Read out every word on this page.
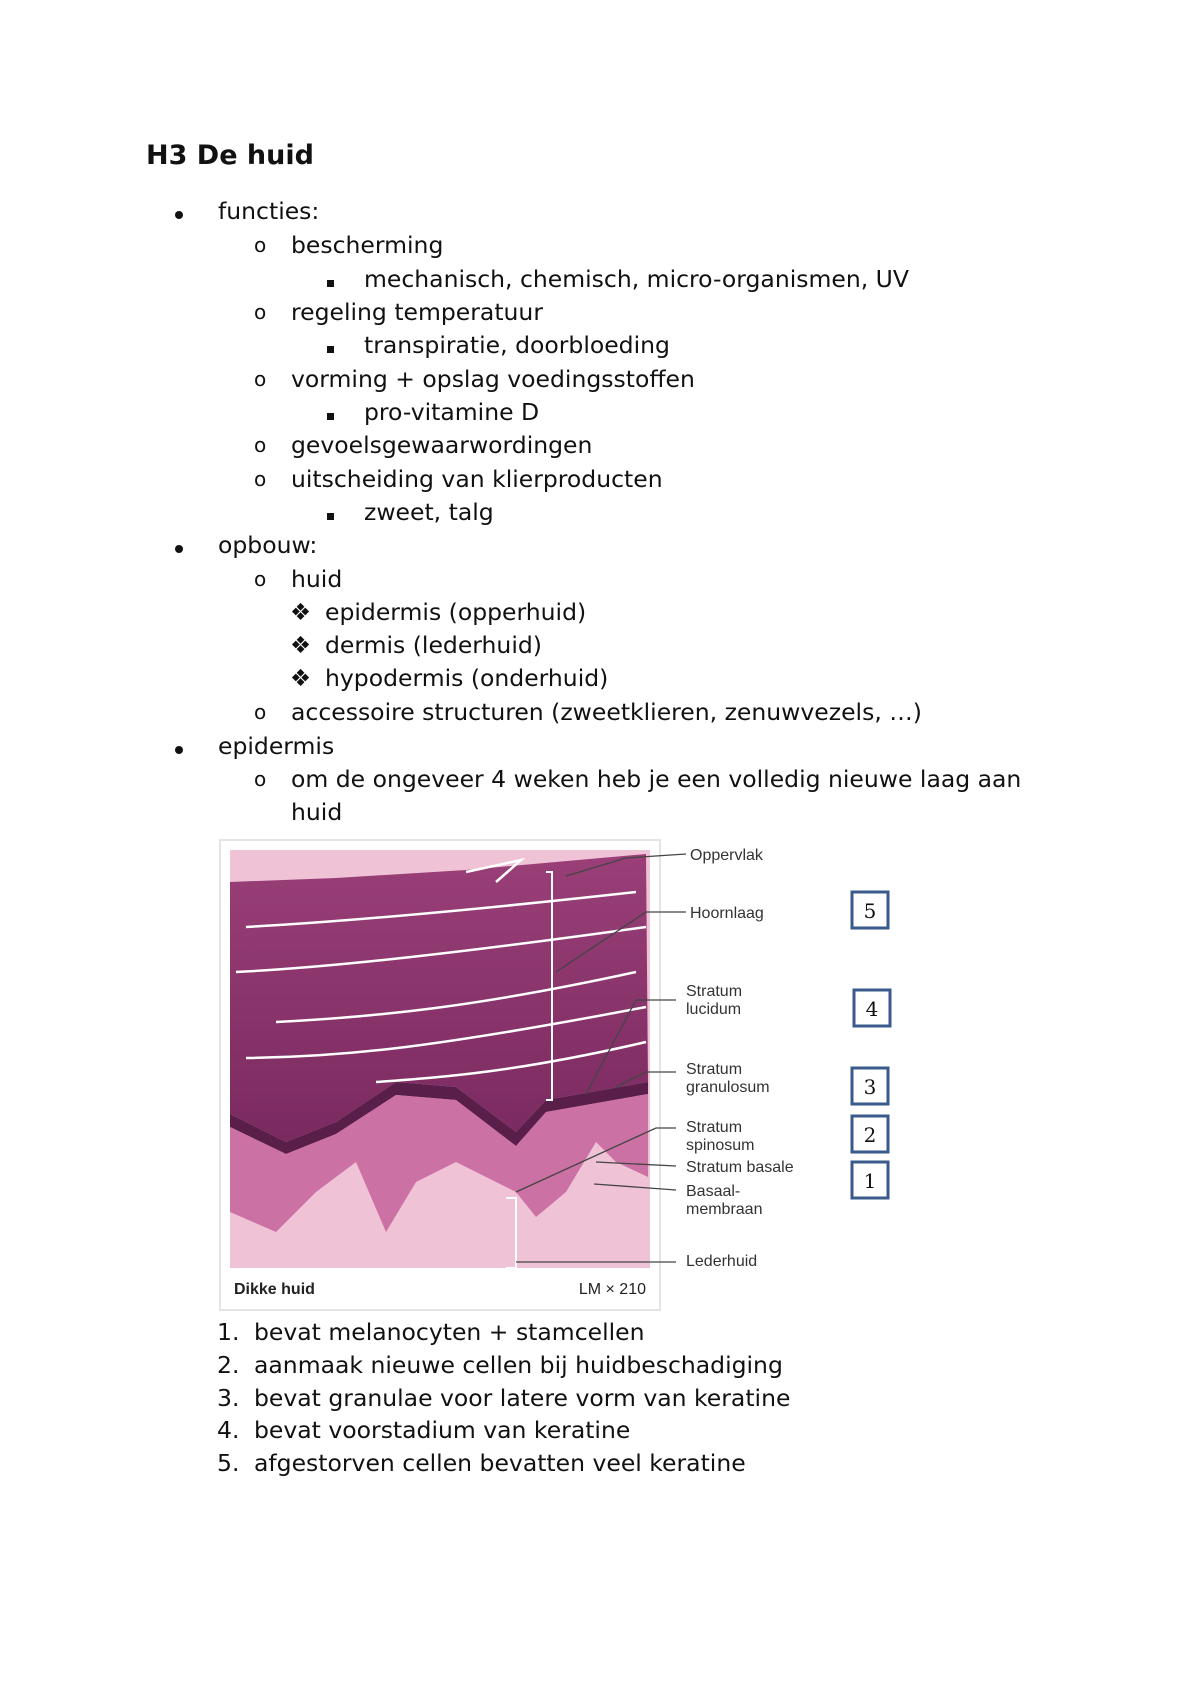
H3 De huid
functies:
o bescherming
mechanisch, chemisch, micro-organismen, UV
o regeling temperatuur
transpiratie, doorbloeding
o vorming + opslag voedingsstoffen
pro-vitamine D
o gevoelsgewaarwordingen
o uitscheiding van klierproducten
zweet, talg
opbouw:
o huid
❖ epidermis (opperhuid)
❖ dermis (lederhuid)
❖ hypodermis (onderhuid)
o accessoire structuren (zweetklieren, zenuwvezels, …)
epidermis
o om de ongeveer 4 weken heb je een volledig nieuwe laag aan
huid
Dikke huid	LM × 210
Oppervlak
Hoornlaag
Stratum
lucidum
Stratum
granulosum
Stratum
spinosum
Stratum basale
Basaal-
membraan
Lederhuid
5
4
3
2
1
1. bevat melanocyten + stamcellen
2. aanmaak nieuwe cellen bij huidbeschadiging
3. bevat granulae voor latere vorm van keratine
4. bevat voorstadium van keratine
5. afgestorven cellen bevatten veel keratine
